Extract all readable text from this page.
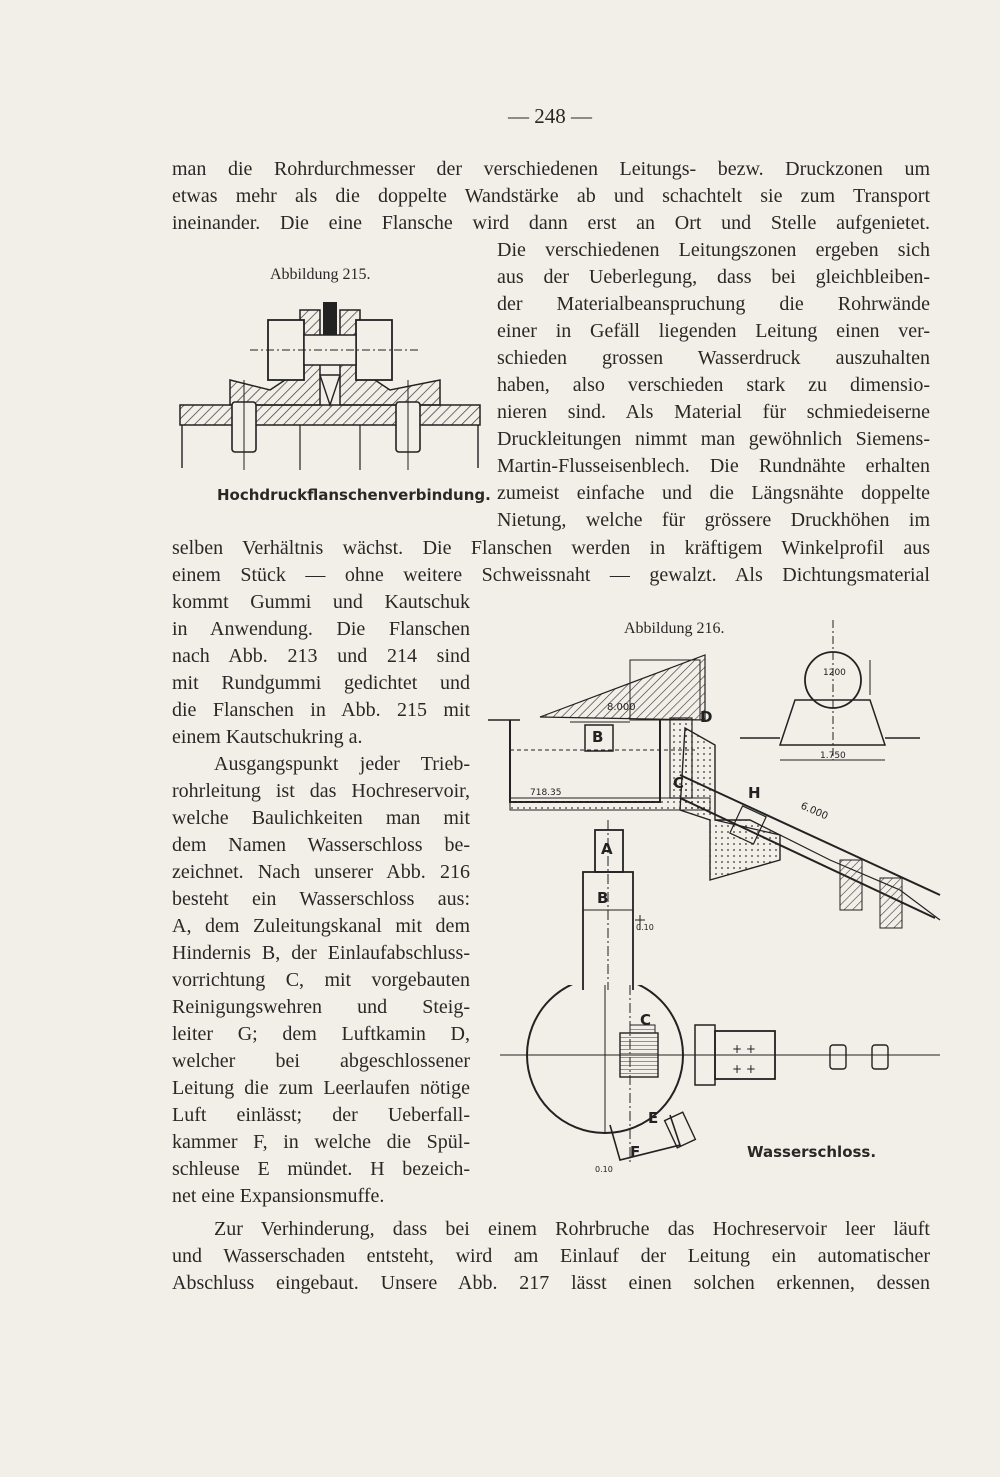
— 248 —
man die Rohrdurchmesser der verschiedenen Leitungs- bezw. Druckzonen um
etwas mehr als die doppelte Wandstärke ab und schachtelt sie zum Transport
ineinander. Die eine Flansche wird dann erst an Ort und Stelle aufgenietet.
Die verschiedenen Leitungszonen ergeben sich
aus der Ueberlegung, dass bei gleichbleiben-
der Materialbeanspruchung die Rohrwände
einer in Gefäll liegenden Leitung einen ver-
schieden grossen Wasserdruck auszuhalten
haben, also verschieden stark zu dimensio-
nieren sind. Als Material für schmiedeiserne
Druckleitungen nimmt man gewöhnlich Siemens-
Martin-Flusseisenblech. Die Rundnähte erhalten
zumeist einfache und die Längsnähte doppelte
Nietung, welche für grössere Druckhöhen im
Abbildung 215.
Hochdruckflanschenverbindung.
selben Verhältnis wächst. Die Flanschen werden in kräftigem Winkelprofil aus
einem Stück — ohne weitere Schweissnaht — gewalzt. Als Dichtungsmaterial
kommt Gummi und Kautschuk
in Anwendung. Die Flanschen
nach Abb. 213 und 214 sind
mit Rundgummi gedichtet und
die Flanschen in Abb. 215 mit
einem Kautschukring a.
Ausgangspunkt jeder Trieb-
rohrleitung ist das Hochreservoir,
welche Baulichkeiten man mit
dem Namen Wasserschloss be-
zeichnet. Nach unserer Abb. 216
besteht ein Wasserschloss aus:
A, dem Zuleitungskanal mit dem
Hindernis B, der Einlaufabschluss-
vorrichtung C, mit vorgebauten
Reinigungswehren und Steig-
leiter G; dem Luftkamin D,
welcher bei abgeschlossener
Leitung die zum Leerlaufen nötige
Luft einlässt; der Ueberfall-
kammer F, in welche die Spül-
schleuse E mündet. H bezeich-
net eine Expansionsmuffe.
Abbildung 216.
8.000
718.35
B
D
C
H
6.000
1200
1.750
A
B
0.10
+ +
+ +
C
E
F
0.10
Wasserschloss.
Zur Verhinderung, dass bei einem Rohrbruche das Hochreservoir leer läuft
und Wasserschaden entsteht, wird am Einlauf der Leitung ein automatischer
Abschluss eingebaut. Unsere Abb. 217 lässt einen solchen erkennen, dessen
